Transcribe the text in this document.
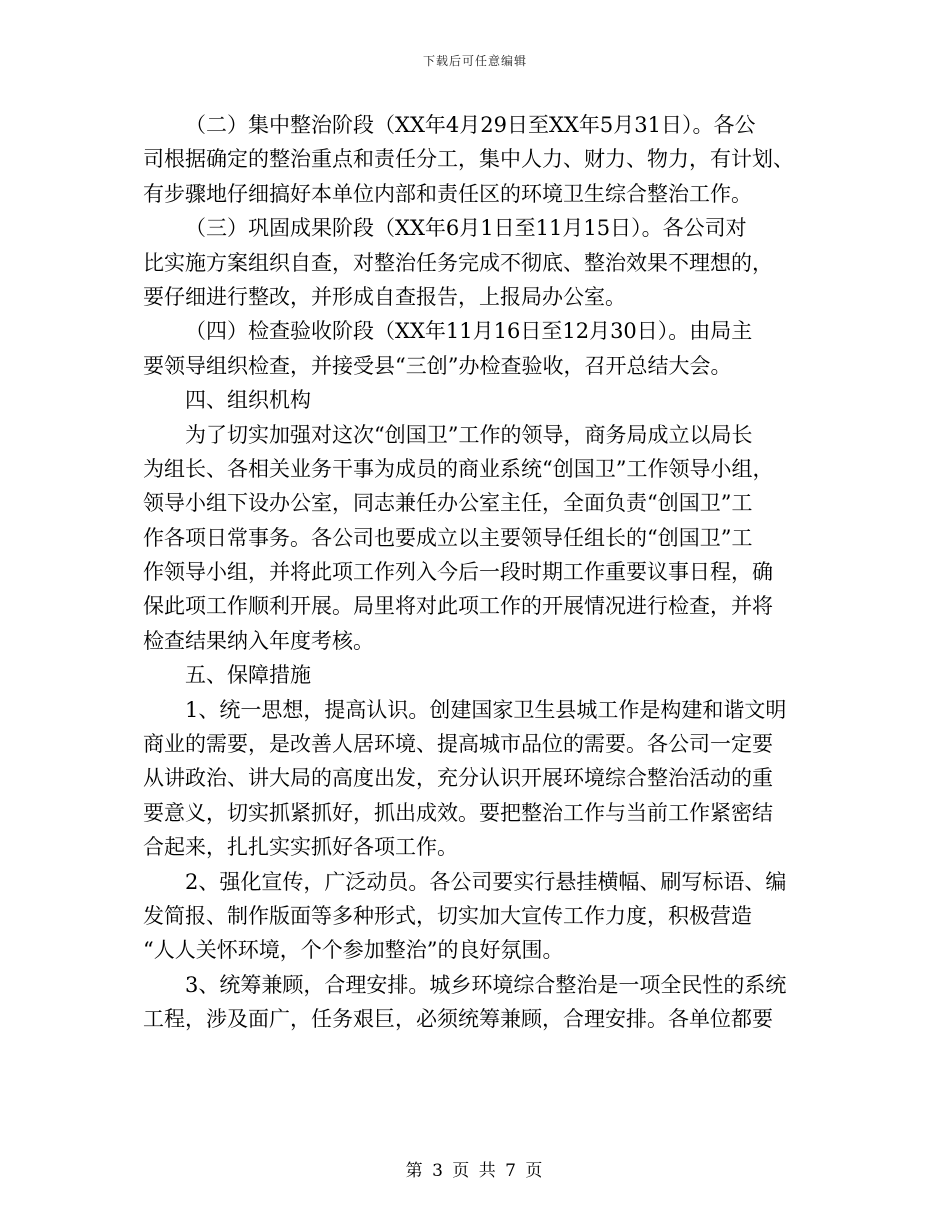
下载后可任意编辑
（二）集中整治阶段（XX年4月29日至XX年5月31日）。各公
司根据确定的整治重点和责任分工，集中人力、财力、物力，有计划、
有步骤地仔细搞好本单位内部和责任区的环境卫生综合整治工作。
（三）巩固成果阶段（XX年6月1日至11月15日）。各公司对
比实施方案组织自查，对整治任务完成不彻底、整治效果不理想的，
要仔细进行整改，并形成自查报告，上报局办公室。
（四）检查验收阶段（XX年11月16日至12月30日）。由局主
要领导组织检查，并接受县“三创”办检查验收，召开总结大会。
四、组织机构
为了切实加强对这次“创国卫”工作的领导，商务局成立以局长
为组长、各相关业务干事为成员的商业系统“创国卫”工作领导小组，
领导小组下设办公室，同志兼任办公室主任，全面负责“创国卫”工
作各项日常事务。各公司也要成立以主要领导任组长的“创国卫”工
作领导小组，并将此项工作列入今后一段时期工作重要议事日程，确
保此项工作顺利开展。局里将对此项工作的开展情况进行检查，并将
检查结果纳入年度考核。
五、保障措施
1、统一思想，提高认识。创建国家卫生县城工作是构建和谐文明
商业的需要，是改善人居环境、提高城市品位的需要。各公司一定要
从讲政治、讲大局的高度出发，充分认识开展环境综合整治活动的重
要意义，切实抓紧抓好，抓出成效。要把整治工作与当前工作紧密结
合起来，扎扎实实抓好各项工作。
2、强化宣传，广泛动员。各公司要实行悬挂横幅、刷写标语、编
发简报、制作版面等多种形式，切实加大宣传工作力度，积极营造
“人人关怀环境，个个参加整治”的良好氛围。
3、统筹兼顾，合理安排。城乡环境综合整治是一项全民性的系统
工程，涉及面广，任务艰巨，必须统筹兼顾，合理安排。各单位都要
第 3 页 共 7 页
